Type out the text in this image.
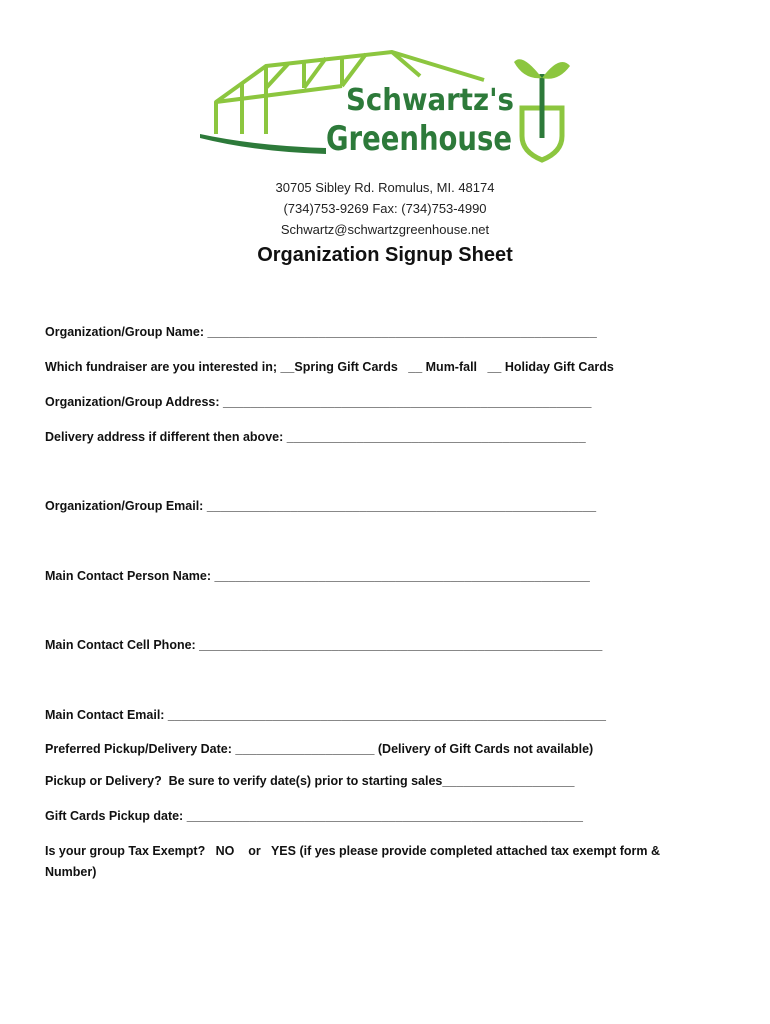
Schwartz's
Greenhouse
30705 Sibley Rd. Romulus, MI. 48174
(734)753-9269 Fax: (734)753-4990
Schwartz@schwartzgreenhouse.net
Organization Signup Sheet
Organization/Group Name: ________________________________________________________
Which fundraiser are you interested in; __Spring Gift Cards   __ Mum-fall   __ Holiday Gift Cards
Organization/Group Address: _____________________________________________________
Delivery address if different then above: ___________________________________________
Organization/Group Email: ________________________________________________________
Main Contact Person Name: ______________________________________________________
Main Contact Cell Phone: __________________________________________________________
Main Contact Email: _______________________________________________________________
Preferred Pickup/Delivery Date: ____________________ (Delivery of Gift Cards not available)
Pickup or Delivery?  Be sure to verify date(s) prior to starting sales___________________
Gift Cards Pickup date: _________________________________________________________
Is your group Tax Exempt?   NO    or   YES (if yes please provide completed attached tax exempt form &
Number)
